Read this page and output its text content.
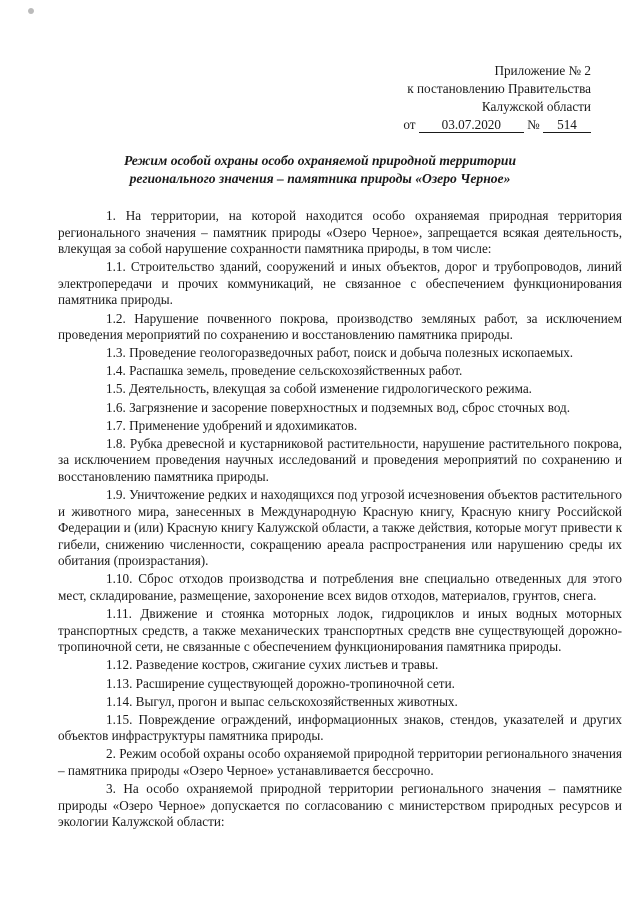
Приложение № 2
к постановлению Правительства
Калужской области
от 03.07.2020 № 514
Режим особой охраны особо охраняемой природной территории
регионального значения – памятника природы «Озеро Черное»

1. На территории, на которой находится особо охраняемая природная территория регионального значения – памятник природы «Озеро Черное», запрещается всякая деятельность, влекущая за собой нарушение сохранности памятника природы, в том числе:

1.1. Строительство зданий, сооружений и иных объектов, дорог и трубопроводов, линий электропередачи и прочих коммуникаций, не связанное с обеспечением функционирования памятника природы.

1.2. Нарушение почвенного покрова, производство земляных работ, за исключением проведения мероприятий по сохранению и восстановлению памятника природы.

1.3. Проведение геологоразведочных работ, поиск и добыча полезных ископаемых.

1.4. Распашка земель, проведение сельскохозяйственных работ.

1.5. Деятельность, влекущая за собой изменение гидрологического режима.

1.6. Загрязнение и засорение поверхностных и подземных вод, сброс сточных вод.

1.7. Применение удобрений и ядохимикатов.

1.8. Рубка древесной и кустарниковой растительности, нарушение растительного покрова, за исключением проведения научных исследований и проведения мероприятий по сохранению и восстановлению памятника природы.

1.9. Уничтожение редких и находящихся под угрозой исчезновения объектов растительного и животного мира, занесенных в Международную Красную книгу, Красную книгу Российской Федерации и (или) Красную книгу Калужской области, а также действия, которые могут привести к гибели, снижению численности, сокращению ареала распространения или нарушению среды их обитания (произрастания).

1.10. Сброс отходов производства и потребления вне специально отведенных для этого мест, складирование, размещение, захоронение всех видов отходов, материалов, грунтов, снега.

1.11. Движение и стоянка моторных лодок, гидроциклов и иных водных моторных транспортных средств, а также механических транспортных средств вне существующей дорожно-тропиночной сети, не связанные с обеспечением функционирования памятника природы.

1.12. Разведение костров, сжигание сухих листьев и травы.

1.13. Расширение существующей дорожно-тропиночной сети.

1.14. Выгул, прогон и выпас сельскохозяйственных животных.

1.15. Повреждение ограждений, информационных знаков, стендов, указателей и других объектов инфраструктуры памятника природы.

2. Режим особой охраны особо охраняемой природной территории регионального значения – памятника природы «Озеро Черное» устанавливается бессрочно.

3. На особо охраняемой природной территории регионального значения – памятнике природы «Озеро Черное» допускается по согласованию с министерством природных ресурсов и экологии Калужской области:
